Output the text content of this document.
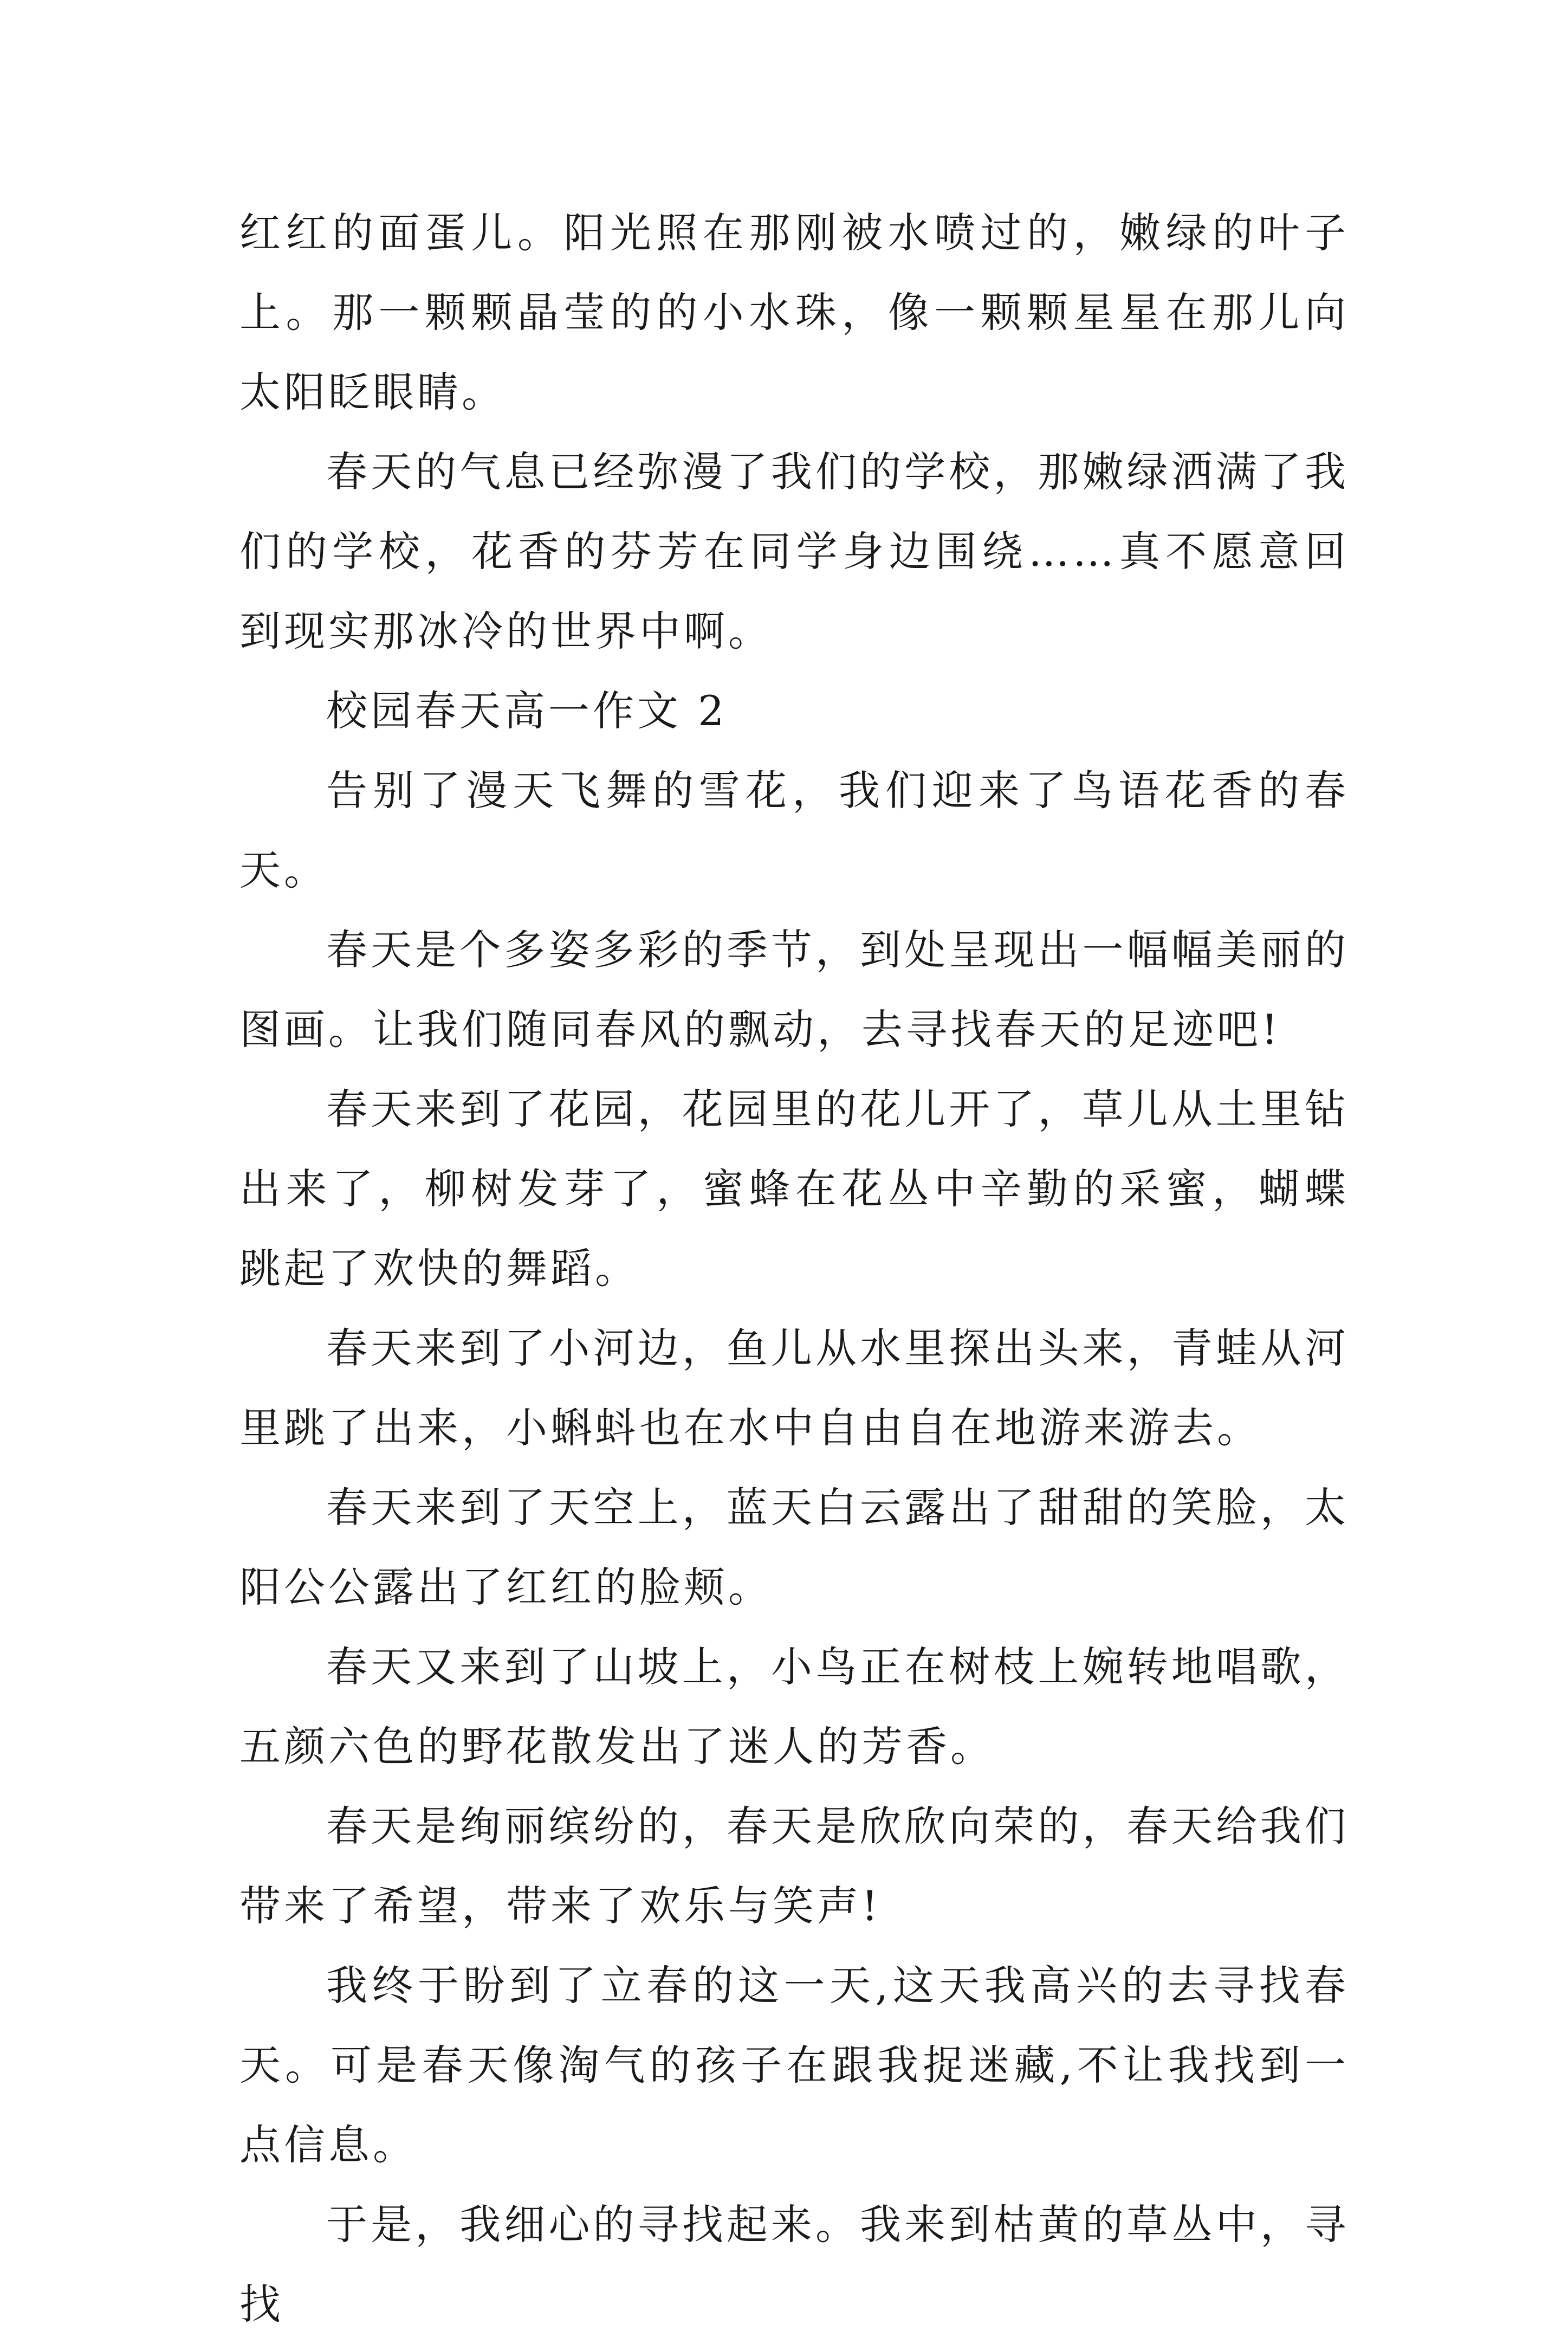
红红的面蛋儿。阳光照在那刚被水喷过的，嫩绿的叶子上。那一颗颗晶莹的的小水珠，像一颗颗星星在那儿向太阳眨眼睛。

春天的气息已经弥漫了我们的学校，那嫩绿洒满了我们的学校，花香的芬芳在同学身边围绕……真不愿意回到现实那冰冷的世界中啊。

校园春天高一作文 2

告别了漫天飞舞的雪花，我们迎来了鸟语花香的春天。

春天是个多姿多彩的季节，到处呈现出一幅幅美丽的图画。让我们随同春风的飘动，去寻找春天的足迹吧!

春天来到了花园，花园里的花儿开了，草儿从土里钻出来了，柳树发芽了，蜜蜂在花丛中辛勤的采蜜，蝴蝶跳起了欢快的舞蹈。

春天来到了小河边，鱼儿从水里探出头来，青蛙从河里跳了出来，小蝌蚪也在水中自由自在地游来游去。

春天来到了天空上，蓝天白云露出了甜甜的笑脸，太阳公公露出了红红的脸颊。

春天又来到了山坡上，小鸟正在树枝上婉转地唱歌，五颜六色的野花散发出了迷人的芳香。

春天是绚丽缤纷的，春天是欣欣向荣的，春天给我们带来了希望，带来了欢乐与笑声!

我终于盼到了立春的这一天,这天我高兴的去寻找春天。可是春天像淘气的孩子在跟我捉迷藏,不让我找到一点信息。

于是，我细心的寻找起来。我来到枯黄的草丛中，寻找
